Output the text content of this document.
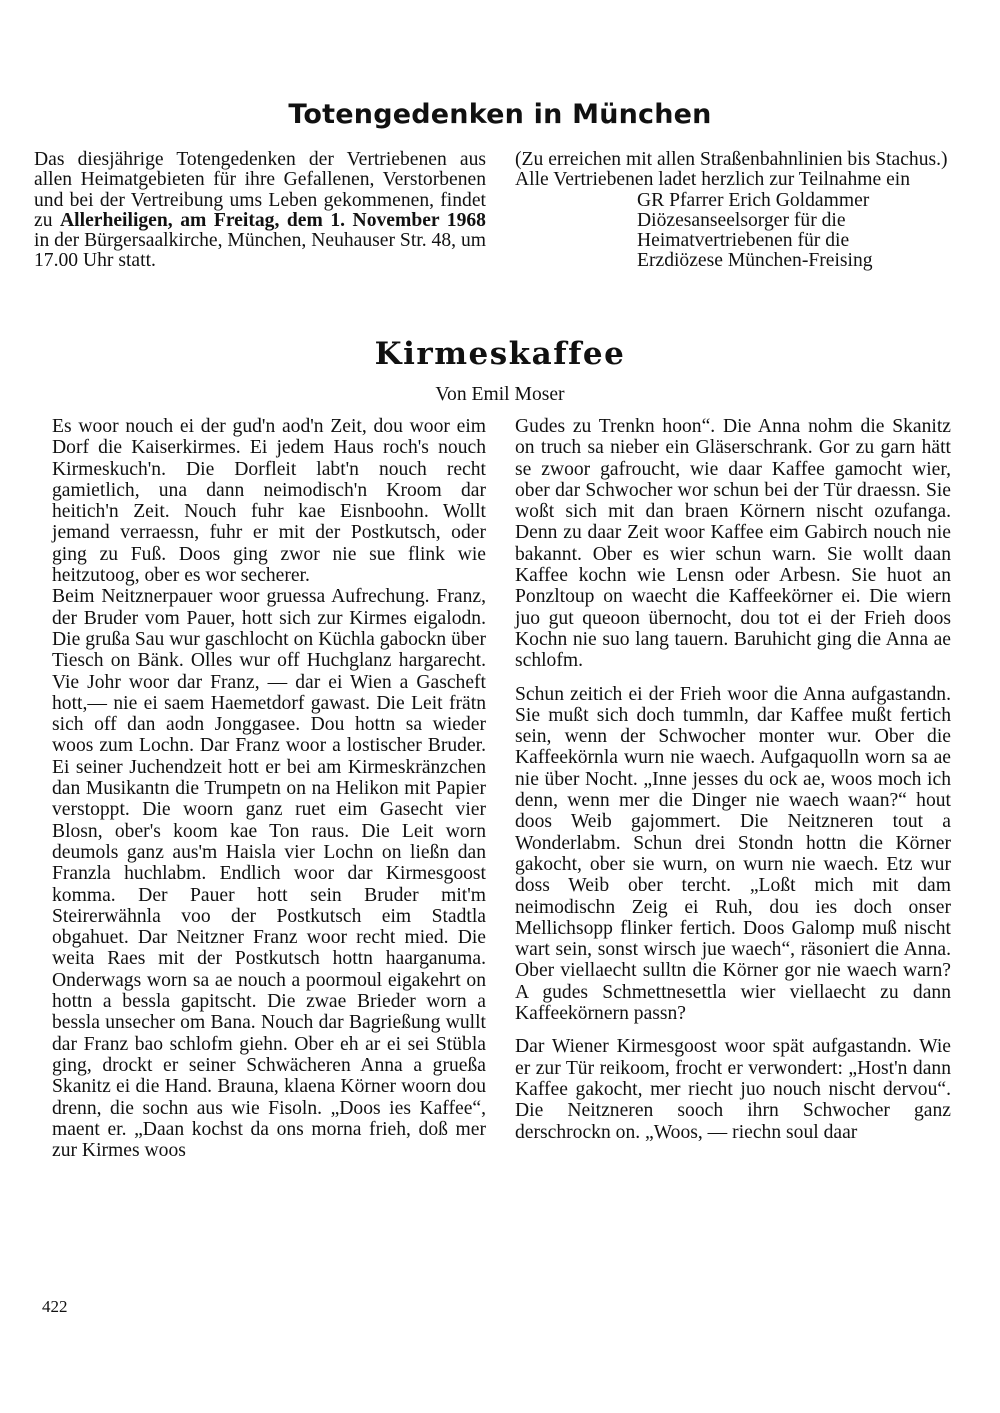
Totengedenken in München

Das diesjährige Totengedenken der Vertriebenen aus allen Heimatgebieten für ihre Gefallenen, Verstorbenen und bei der Vertreibung ums Leben gekommenen, findet zu Allerheiligen, am Freitag, dem 1. November 1968 in der Bürgersaalkirche, München, Neuhauser Str. 48, um 17.00 Uhr statt.

(Zu erreichen mit allen Straßenbahnlinien bis Stachus.)

Alle Vertriebenen ladet herzlich zur Teilnahme ein

GR Pfarrer Erich Goldammer

Diözesanseelsorger für die

Heimatvertriebenen für die

Erzdiözese München-Freising

Kirmeskaffee
Von Emil Moser

Es woor nouch ei der gud'n aod'n Zeit, dou woor eim Dorf die Kaiserkirmes. Ei jedem Haus roch's nouch Kirmeskuch'n. Die Dorfleit labt'n nouch recht gamietlich, una dann neimodisch'n Kroom dar heitich'n Zeit. Nouch fuhr kae Eisnboohn. Wollt jemand verraessn, fuhr er mit der Postkutsch, oder ging zu Fuß. Doos ging zwor nie sue flink wie heitzutoog, ober es wor secherer.

Beim Neitznerpauer woor gruessa Aufrechung. Franz, der Bruder vom Pauer, hott sich zur Kirmes eigalodn. Die grußa Sau wur gaschlocht on Küchla gabockn über Tiesch on Bänk. Olles wur off Huchglanz hargarecht. Vie Johr woor dar Franz, — dar ei Wien a Gascheft hott,— nie ei saem Haemetdorf gawast. Die Leit frätn sich off dan aodn Jonggasee. Dou hottn sa wieder woos zum Lochn. Dar Franz woor a lostischer Bruder. Ei seiner Juchendzeit hott er bei am Kirmeskränzchen dan Musikantn die Trumpetn on na Helikon mit Papier verstoppt. Die woorn ganz ruet eim Gasecht vier Blosn, ober's koom kae Ton raus. Die Leit worn deumols ganz aus'm Haisla vier Lochn on ließn dan Franzla huchlabm. Endlich woor dar Kirmesgoost komma. Der Pauer hott sein Bruder mit'm Steirerwähnla voo der Postkutsch eim Stadtla obgahuet. Dar Neitzner Franz woor recht mied. Die weita Raes mit der Postkutsch hottn haarganuma. Onderwags worn sa ae nouch a poormoul eigakehrt on hottn a bessla gapitscht. Die zwae Brieder worn a bessla unsecher om Bana. Nouch dar Bagrießung wullt dar Franz bao schlofm giehn. Ober eh ar ei sei Stübla ging, drockt er seiner Schwächeren Anna a grueßa Skanitz ei die Hand. Brauna, klaena Körner woorn dou drenn, die sochn aus wie Fisoln. „Doos ies Kaffee“, maent er. „Daan kochst da ons morna frieh, doß mer zur Kirmes woos

Gudes zu Trenkn hoon“. Die Anna nohm die Skanitz on truch sa nieber ein Gläserschrank. Gor zu garn hätt se zwoor gafroucht, wie daar Kaffee gamocht wier, ober dar Schwocher wor schun bei der Tür draessn. Sie woßt sich mit dan braen Körnern nischt ozufanga. Denn zu daar Zeit woor Kaffee eim Gabirch nouch nie bakannt. Ober es wier schun warn. Sie wollt daan Kaffee kochn wie Lensn oder Arbesn. Sie huot an Ponzltoup on waecht die Kaffeekörner ei. Die wiern juo gut queoon übernocht, dou tot ei der Frieh doos Kochn nie suo lang tauern. Baruhicht ging die Anna ae schlofm.

Schun zeitich ei der Frieh woor die Anna aufgastandn. Sie mußt sich doch tummln, dar Kaffee mußt fertich sein, wenn der Schwocher monter wur. Ober die Kaffeekörnla wurn nie waech. Aufgaquolln worn sa ae nie über Nocht. „Inne jesses du ock ae, woos moch ich denn, wenn mer die Dinger nie waech waan?“ hout doos Weib gajommert. Die Neitzneren tout a Wonderlabm. Schun drei Stondn hottn die Körner gakocht, ober sie wurn, on wurn nie waech. Etz wur doss Weib ober tercht. „Loßt mich mit dam neimodischn Zeig ei Ruh, dou ies doch onser Mellichsopp flinker fertich. Doos Galomp muß nischt wart sein, sonst wirsch jue waech“, räsoniert die Anna. Ober viellaecht sulltn die Körner gor nie waech warn? A gudes Schmettnesettla wier viellaecht zu dann Kaffeekörnern passn?

Dar Wiener Kirmesgoost woor spät aufgastandn. Wie er zur Tür reikoom, frocht er verwondert: „Host'n dann Kaffee gakocht, mer riecht juo nouch nischt dervou“. Die Neitzneren sooch ihrn Schwocher ganz derschrockn on. „Woos, — riechn soul daar

422
